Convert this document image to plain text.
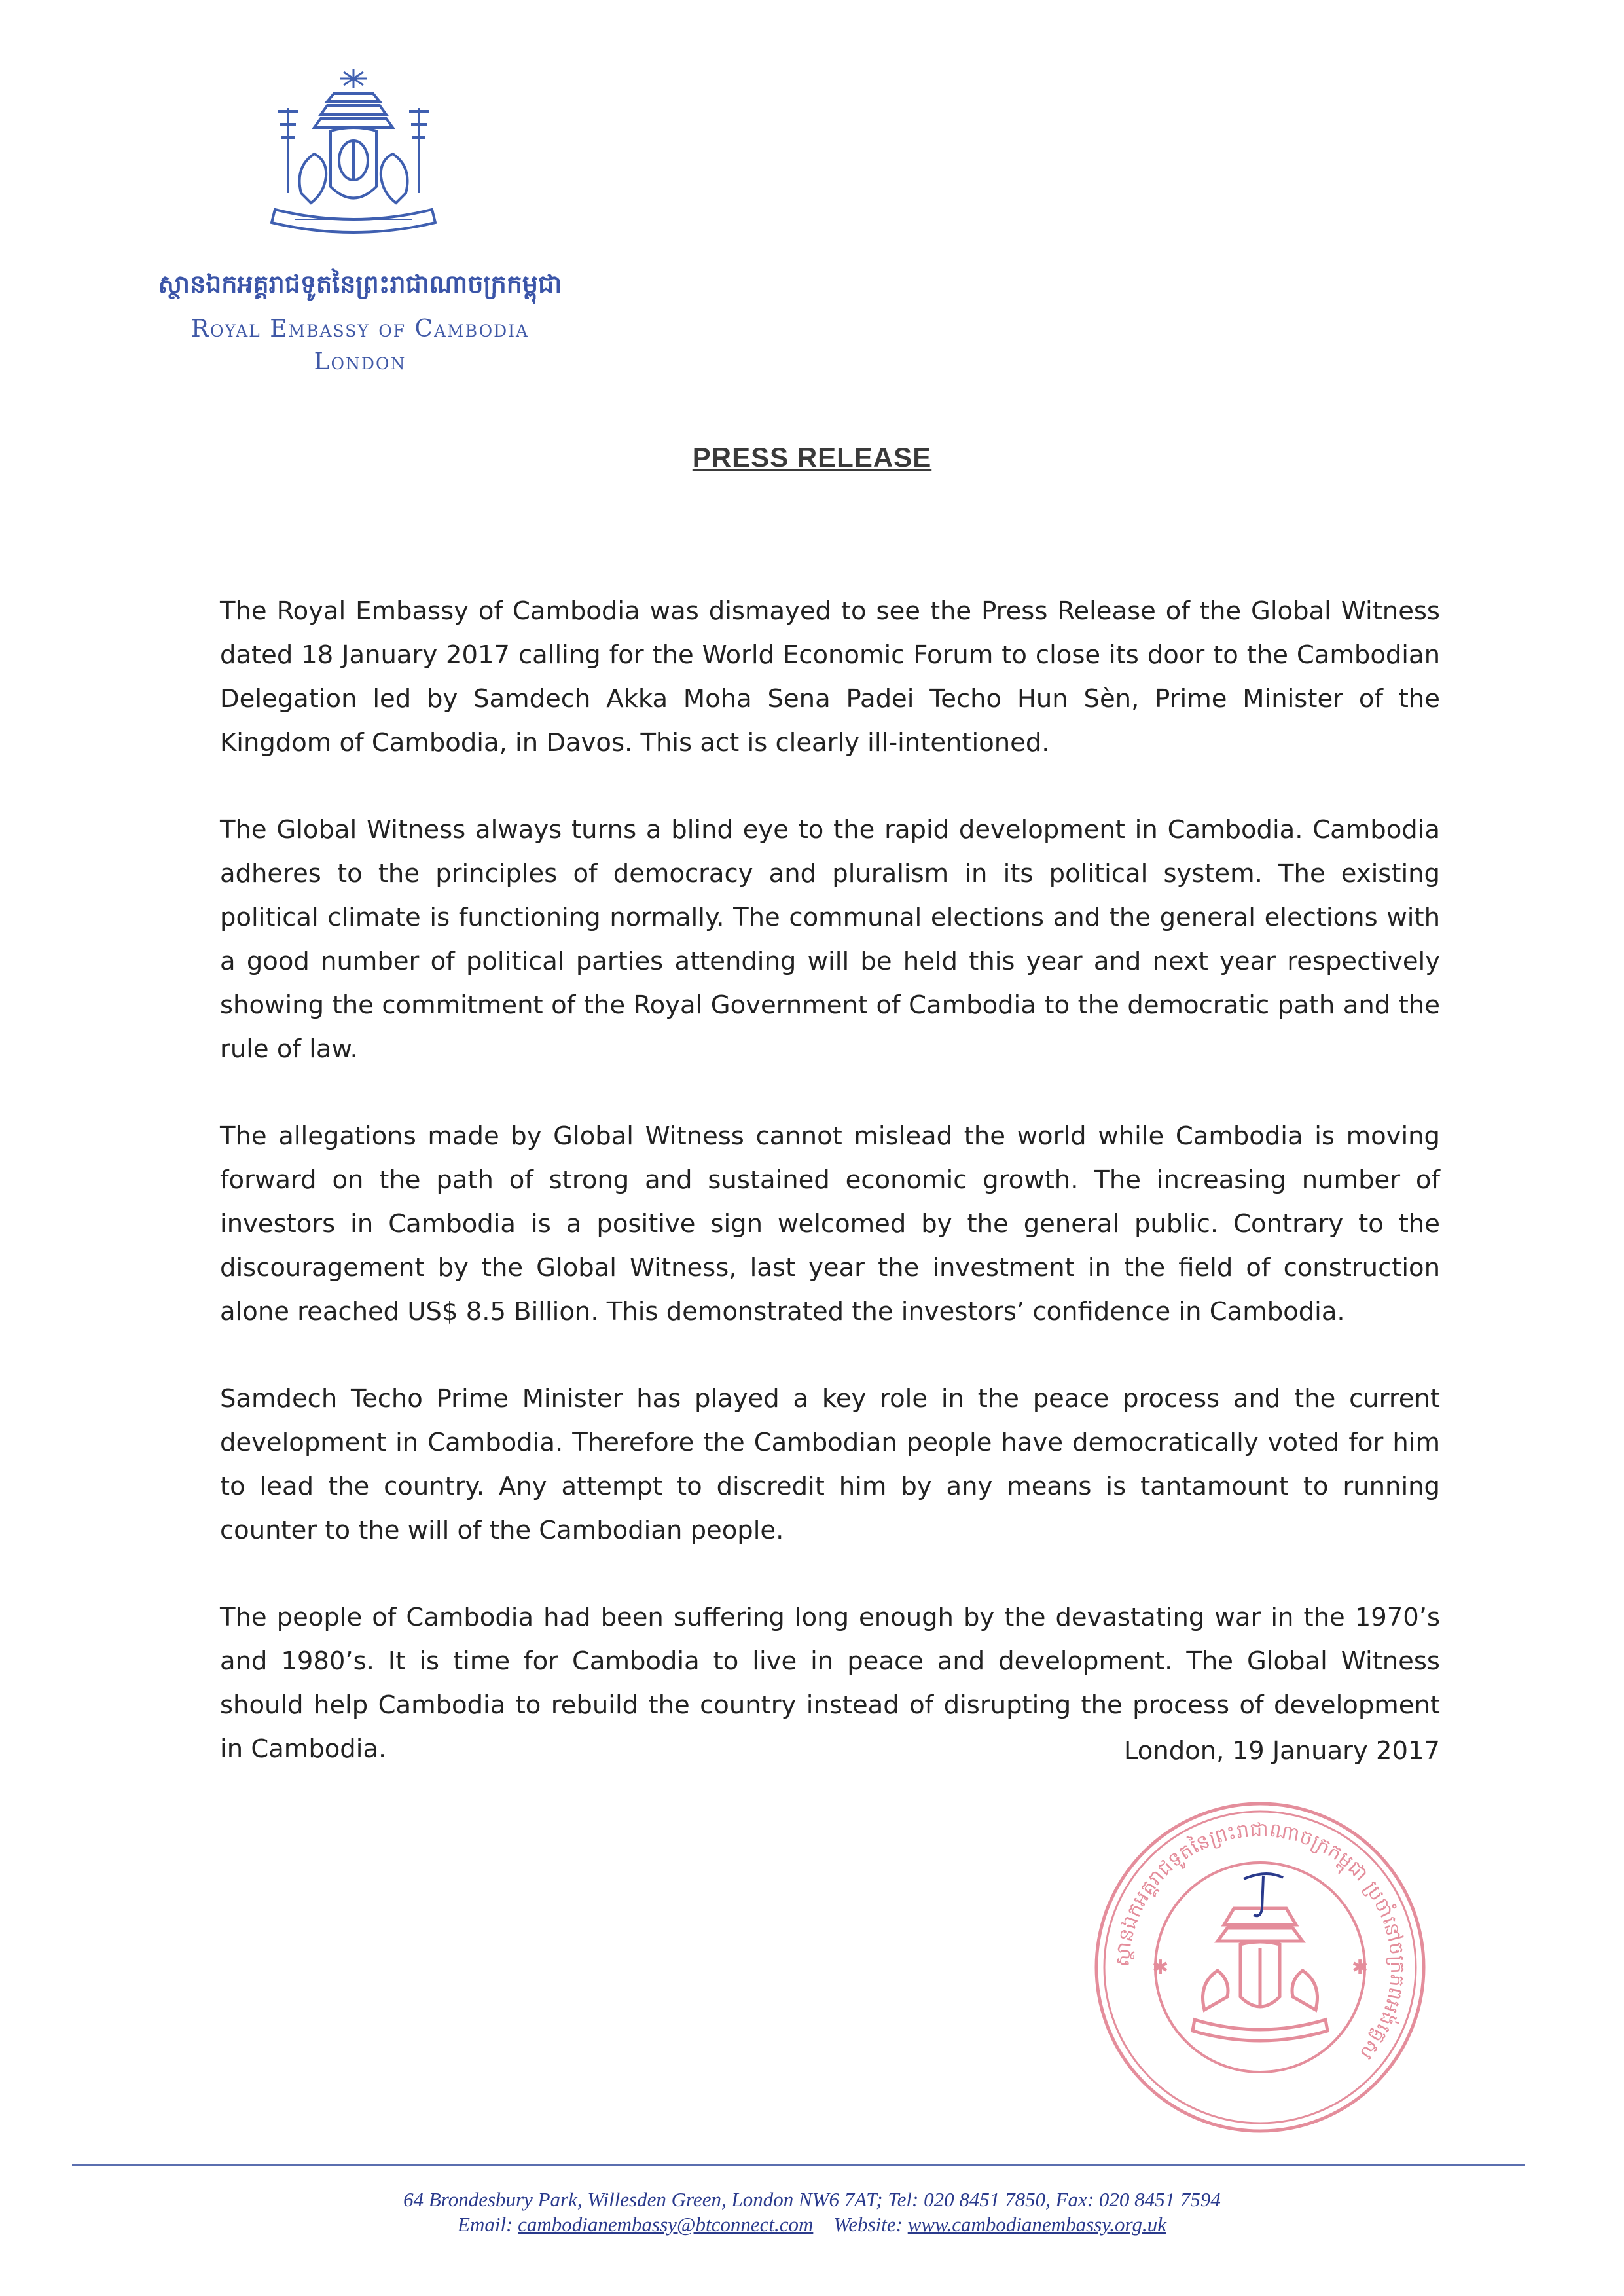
ស្ថានឯកអគ្គរាជទូតនៃព្រះរាជាណាចក្រកម្ពុជា
Royal Embassy of Cambodia
London
PRESS RELEASE

The Royal Embassy of Cambodia was dismayed to see the Press Release of the Global Witness dated 18 January 2017 calling for the World Economic Forum to close its door to the Cambodian Delegation led by Samdech Akka Moha Sena Padei Techo Hun Sèn, Prime Minister of the Kingdom of Cambodia, in Davos. This act is clearly ill-intentioned.

The Global Witness always turns a blind eye to the rapid development in Cambodia. Cambodia adheres to the principles of democracy and pluralism in its political system. The existing political climate is functioning normally. The communal elections and the general elections with a good number of political parties attending will be held this year and next year respectively showing the commitment of the Royal Government of Cambodia to the democratic path and the rule of law.

The allegations made by Global Witness cannot mislead the world while Cambodia is moving forward on the path of strong and sustained economic growth. The increasing number of investors in Cambodia is a positive sign welcomed by the general public. Contrary to the discouragement by the Global Witness, last year the investment in the field of construction alone reached US$ 8.5 Billion. This demonstrated the investors’ confidence in Cambodia.

Samdech Techo Prime Minister has played a key role in the peace process and the current development in Cambodia. Therefore the Cambodian people have democratically voted for him to lead the country. Any attempt to discredit him by any means is tantamount to running counter to the will of the Cambodian people.

The people of Cambodia had been suffering long enough by the devastating war in the 1970’s and 1980’s. It is time for Cambodia to live in peace and development. The Global Witness should help Cambodia to rebuild the country instead of disrupting the process of development in Cambodia.	London, 19 January 2017
✱	✱
ស្ថានឯកអគ្គរាជទូតនៃព្រះរាជាណាចក្រកម្ពុជា ប្រចាំនៅចក្រភពអង់គ្លេស
64 Brondesbury Park, Willesden Green, London NW6 7AT; Tel: 020 8451 7850, Fax: 020 8451 7594
Email: cambodianembassy@btconnect.com Website: www.cambodianembassy.org.uk
